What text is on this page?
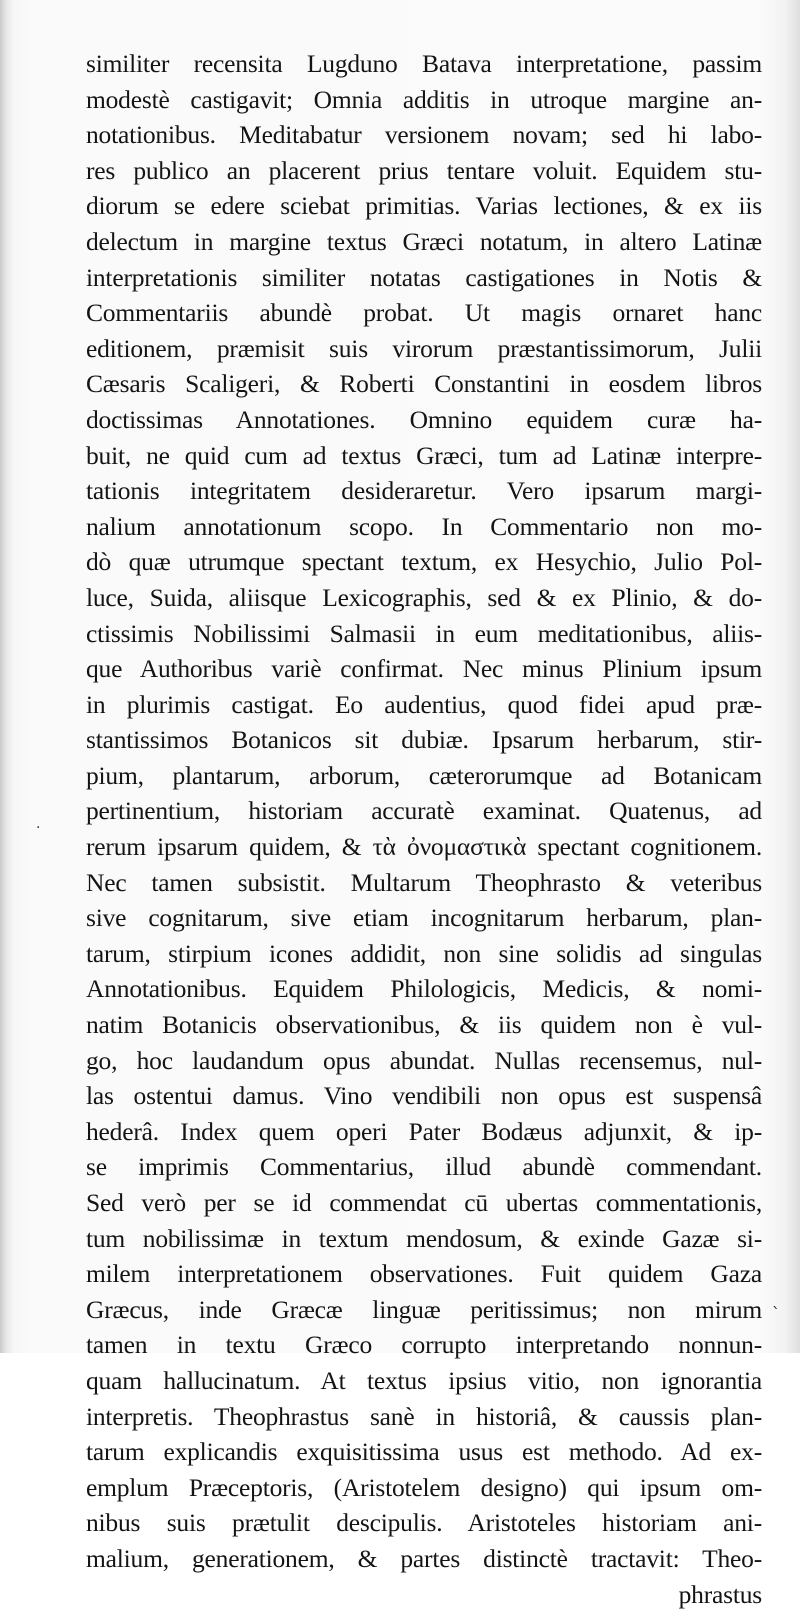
similiter recensita Lugduno Batava interpretatione, passim
modestè castigavit; Omnia additis in utroque margine an-
notationibus. Meditabatur versionem novam; sed hi labo-
res publico an placerent prius tentare voluit. Equidem stu-
diorum se edere sciebat primitias. Varias lectiones, & ex iis
delectum in margine textus Græci notatum, in altero Latinæ
interpretationis similiter notatas castigationes in Notis &
Commentariis abundè probat. Ut magis ornaret hanc
editionem, præmisit suis virorum præstantissimorum, Julii
Cæsaris Scaligeri, & Roberti Constantini in eosdem libros
doctissimas Annotationes. Omnino equidem curæ ha-
buit, ne quid cum ad textus Græci, tum ad Latinæ interpre-
tationis integritatem desideraretur. Vero ipsarum margi-
nalium annotationum scopo. In Commentario non mo-
dò quæ utrumque spectant textum, ex Hesychio, Julio Pol-
luce, Suida, aliisque Lexicographis, sed & ex Plinio, & do-
ctissimis Nobilissimi Salmasii in eum meditationibus, aliis-
que Authoribus variè confirmat. Nec minus Plinium ipsum
in plurimis castigat. Eo audentius, quod fidei apud præ-
stantissimos Botanicos sit dubiæ. Ipsarum herbarum, stir-
pium, plantarum, arborum, cæterorumque ad Botanicam
pertinentium, historiam accuratè examinat. Quatenus, ad
rerum ipsarum quidem, & τὰ ὀνομαστικὰ spectant cognitionem.
Nec tamen subsistit. Multarum Theophrasto & veteribus
sive cognitarum, sive etiam incognitarum herbarum, plan-
tarum, stirpium icones addidit, non sine solidis ad singulas
Annotationibus. Equidem Philologicis, Medicis, & nomi-
natim Botanicis observationibus, & iis quidem non è vul-
go, hoc laudandum opus abundat. Nullas recensemus, nul-
las ostentui damus. Vino vendibili non opus est suspensâ
hederâ. Index quem operi Pater Bodæus adjunxit, & ip-
se imprimis Commentarius, illud abundè commendant.
Sed verò per se id commendat cū ubertas commentationis,
tum nobilissimæ in textum mendosum, & exinde Gazæ si-
milem interpretationem observationes. Fuit quidem Gaza
Græcus, inde Græcæ linguæ peritissimus; non mirum
tamen in textu Græco corrupto interpretando nonnun-
quam hallucinatum. At textus ipsius vitio, non ignorantia
interpretis. Theophrastus sanè in historiâ, & caussis plan-
tarum explicandis exquisitissima usus est methodo. Ad ex-
emplum Præceptoris, (Aristotelem designo) qui ipsum om-
nibus suis prætulit descipulis. Aristoteles historiam ani-
malium, generationem, & partes distinctè tractavit: Theo-
phrastus
·
ˎ
